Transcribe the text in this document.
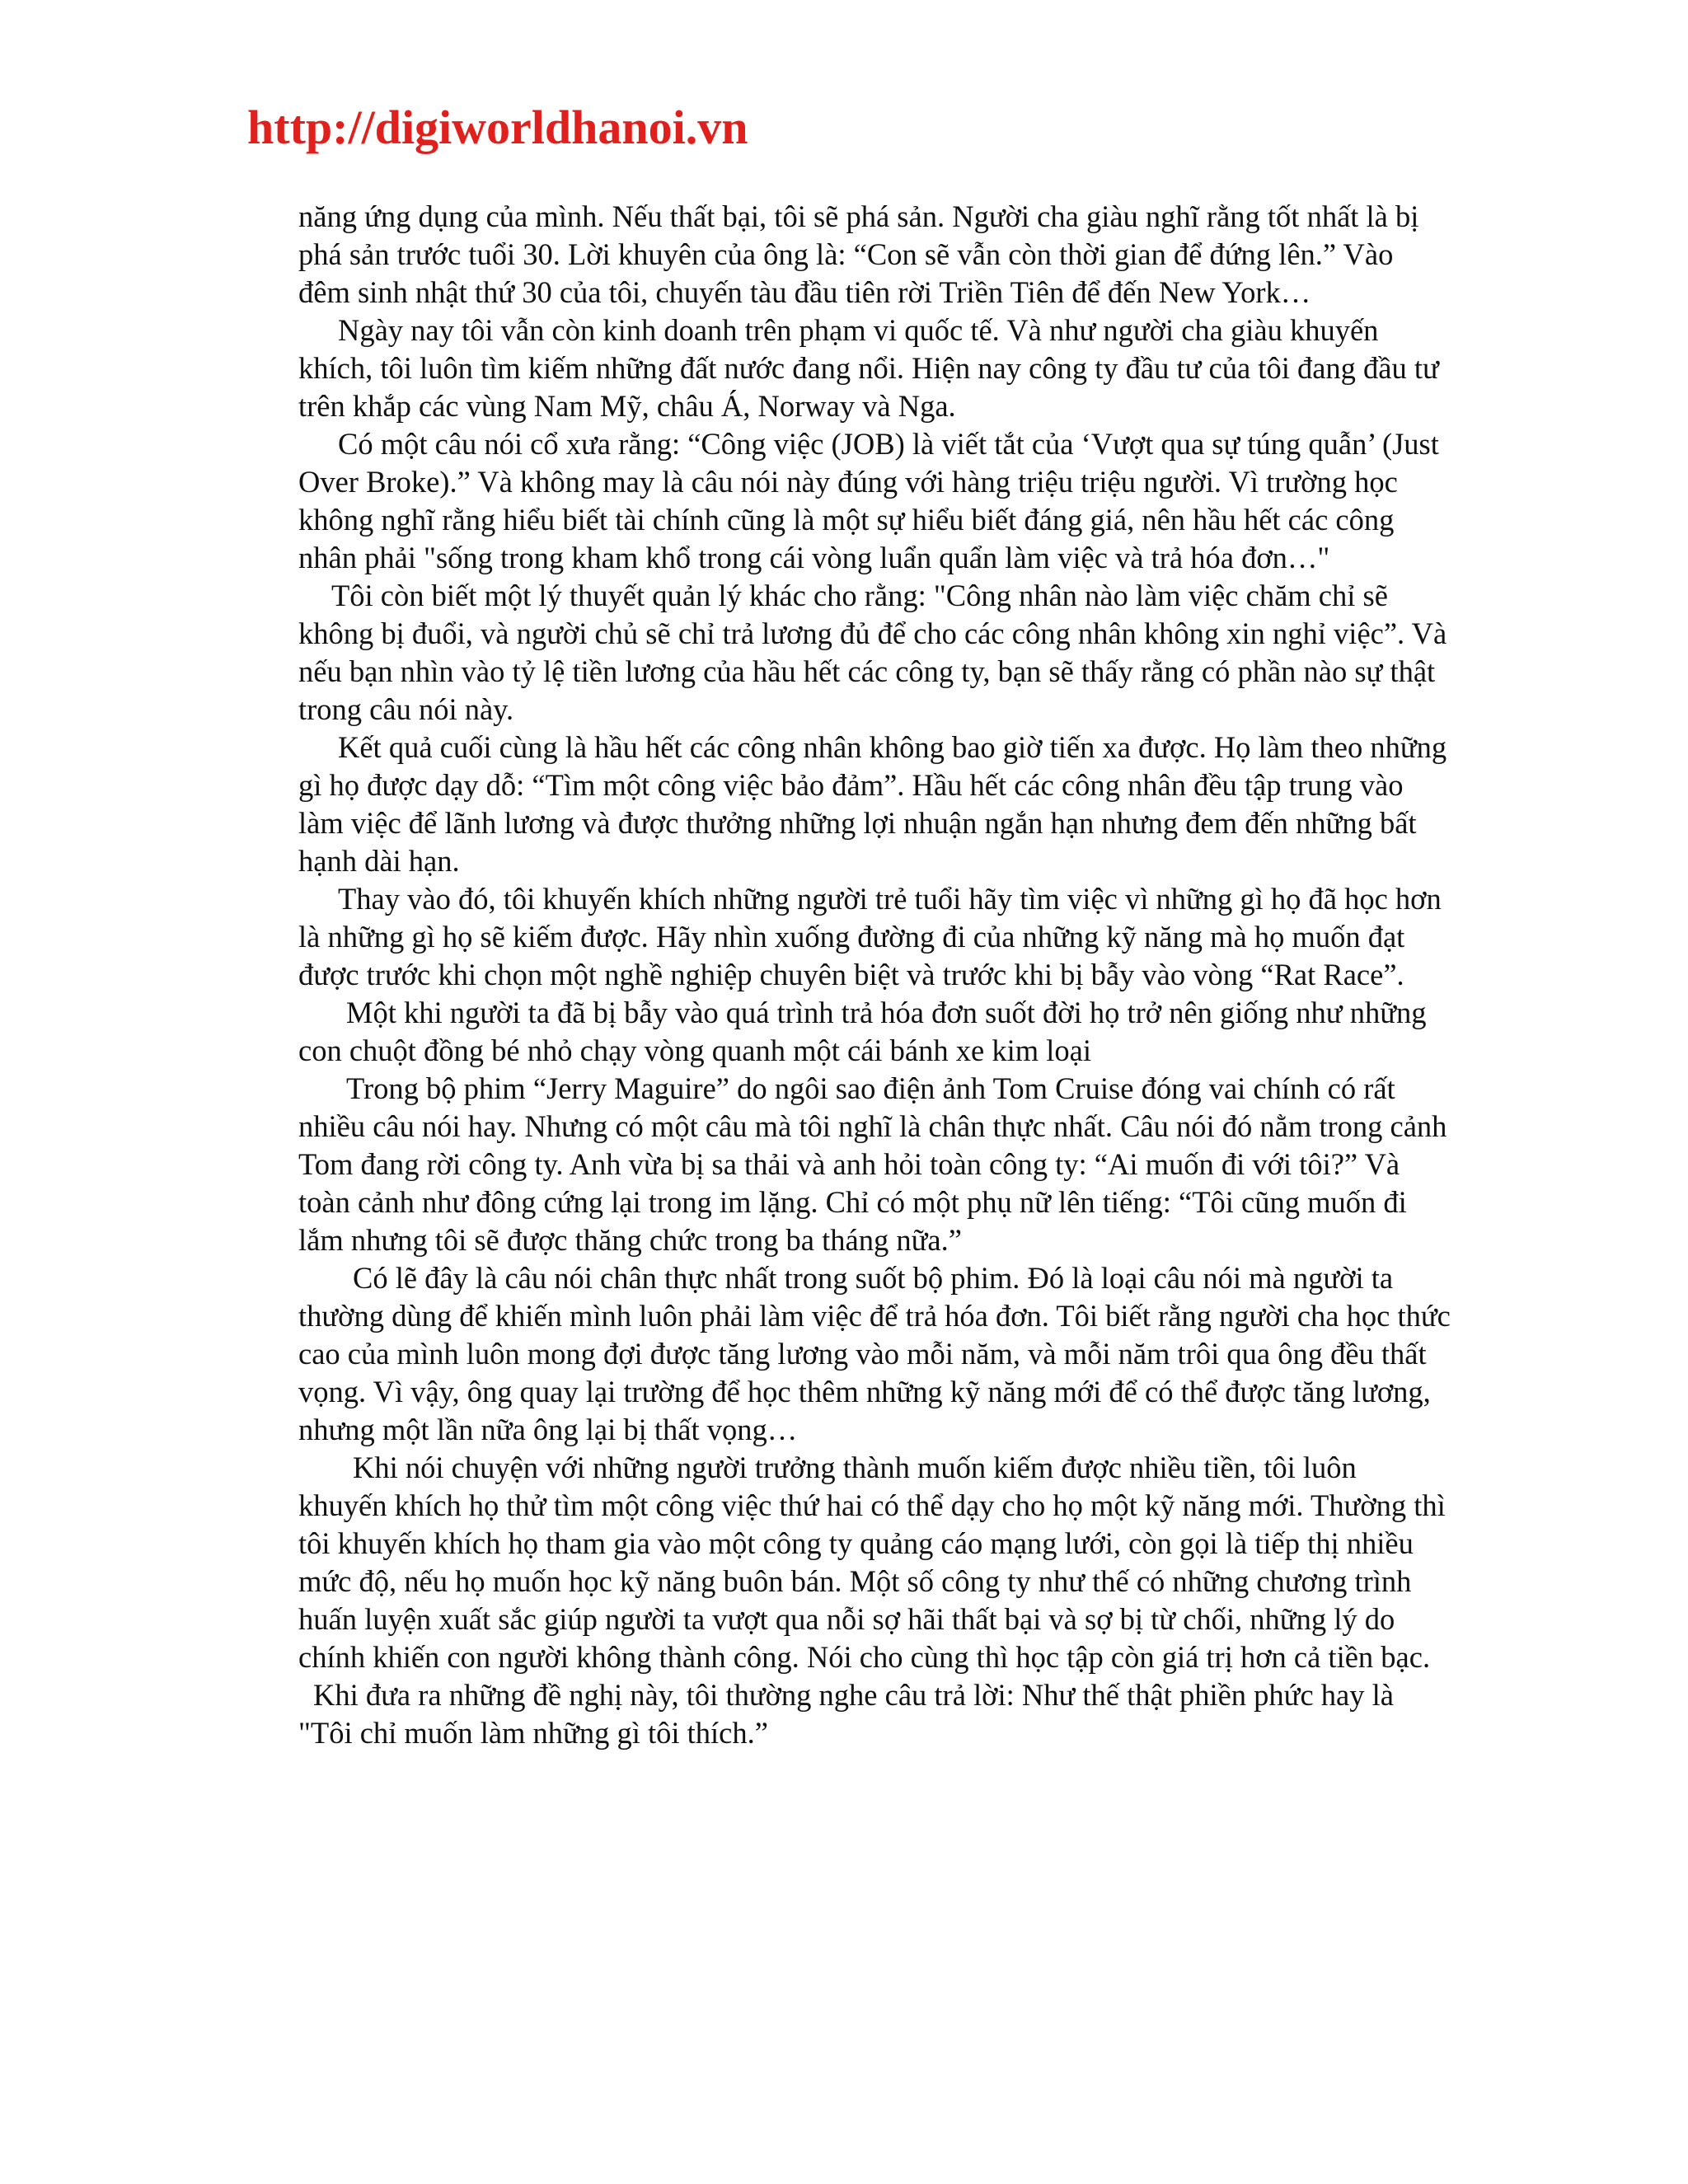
http://digiworldhanoi.vn

năng ứng dụng của mình. Nếu thất bại, tôi sẽ phá sản. Người cha giàu nghĩ rằng tốt nhất là bị phá sản trước tuổi 30. Lời khuyên của ông là: “Con sẽ vẫn còn thời gian để đứng lên.” Vào đêm sinh nhật thứ 30 của tôi, chuyến tàu đầu tiên rời Triền Tiên để đến New York…

Ngày nay tôi vẫn còn kinh doanh trên phạm vi quốc tế. Và như người cha giàu khuyến khích, tôi luôn tìm kiếm những đất nước đang nổi. Hiện nay công ty đầu tư của tôi đang đầu tư trên khắp các vùng Nam Mỹ, châu Á, Norway và Nga.

Có một câu nói cổ xưa rằng: “Công việc (JOB) là viết tắt của ‘Vượt qua sự túng quẫn’ (Just Over Broke).” Và không may là câu nói này đúng với hàng triệu triệu người. Vì trường học không nghĩ rằng hiểu biết tài chính cũng là một sự hiểu biết đáng giá, nên hầu hết các công nhân phải "sống trong kham khổ trong cái vòng luẩn quẩn làm việc và trả hóa đơn…"

Tôi còn biết một lý thuyết quản lý khác cho rằng: "Công nhân nào làm việc chăm chỉ sẽ không bị đuổi, và người chủ sẽ chỉ trả lương đủ để cho các công nhân không xin nghỉ việc”. Và nếu bạn nhìn vào tỷ lệ tiền lương của hầu hết các công ty, bạn sẽ thấy rằng có phần nào sự thật trong câu nói này.

Kết quả cuối cùng là hầu hết các công nhân không bao giờ tiến xa được. Họ làm theo những gì họ được dạy dỗ: “Tìm một công việc bảo đảm”. Hầu hết các công nhân đều tập trung vào làm việc để lãnh lương và được thưởng những lợi nhuận ngắn hạn nhưng đem đến những bất hạnh dài hạn.

Thay vào đó, tôi khuyến khích những người trẻ tuổi hãy tìm việc vì những gì họ đã học hơn là những gì họ sẽ kiếm được. Hãy nhìn xuống đường đi của những kỹ năng mà họ muốn đạt được trước khi chọn một nghề nghiệp chuyên biệt và trước khi bị bẫy vào vòng “Rat Race”.

Một khi người ta đã bị bẫy vào quá trình trả hóa đơn suốt đời họ trở nên giống như những con chuột đồng bé nhỏ chạy vòng quanh một cái bánh xe kim loại

Trong bộ phim “Jerry Maguire” do ngôi sao điện ảnh Tom Cruise đóng vai chính có rất nhiều câu nói hay. Nhưng có một câu mà tôi nghĩ là chân thực nhất. Câu nói đó nằm trong cảnh Tom đang rời công ty. Anh vừa bị sa thải và anh hỏi toàn công ty: “Ai muốn đi với tôi?” Và toàn cảnh như đông cứng lại trong im lặng. Chỉ có một phụ nữ lên tiếng: “Tôi cũng muốn đi lắm nhưng tôi sẽ được thăng chức trong ba tháng nữa.”

Có lẽ đây là câu nói chân thực nhất trong suốt bộ phim. Đó là loại câu nói mà người ta thường dùng để khiến mình luôn phải làm việc để trả hóa đơn. Tôi biết rằng người cha học thức cao của mình luôn mong đợi được tăng lương vào mỗi năm, và mỗi năm trôi qua ông đều thất vọng. Vì vậy, ông quay lại trường để học thêm những kỹ năng mới để có thể được tăng lương, nhưng một lần nữa ông lại bị thất vọng…

Khi nói chuyện với những người trưởng thành muốn kiếm được nhiều tiền, tôi luôn khuyến khích họ thử tìm một công việc thứ hai có thể dạy cho họ một kỹ năng mới. Thường thì tôi khuyến khích họ tham gia vào một công ty quảng cáo mạng lưới, còn gọi là tiếp thị nhiều mức độ, nếu họ muốn học kỹ năng buôn bán. Một số công ty như thế có những chương trình huấn luyện xuất sắc giúp người ta vượt qua nỗi sợ hãi thất bại và sợ bị từ chối, những lý do chính khiến con người không thành công. Nói cho cùng thì học tập còn giá trị hơn cả tiền bạc.

Khi đưa ra những đề nghị này, tôi thường nghe câu trả lời: Như thế thật phiền phức hay là "Tôi chỉ muốn làm những gì tôi thích.”
